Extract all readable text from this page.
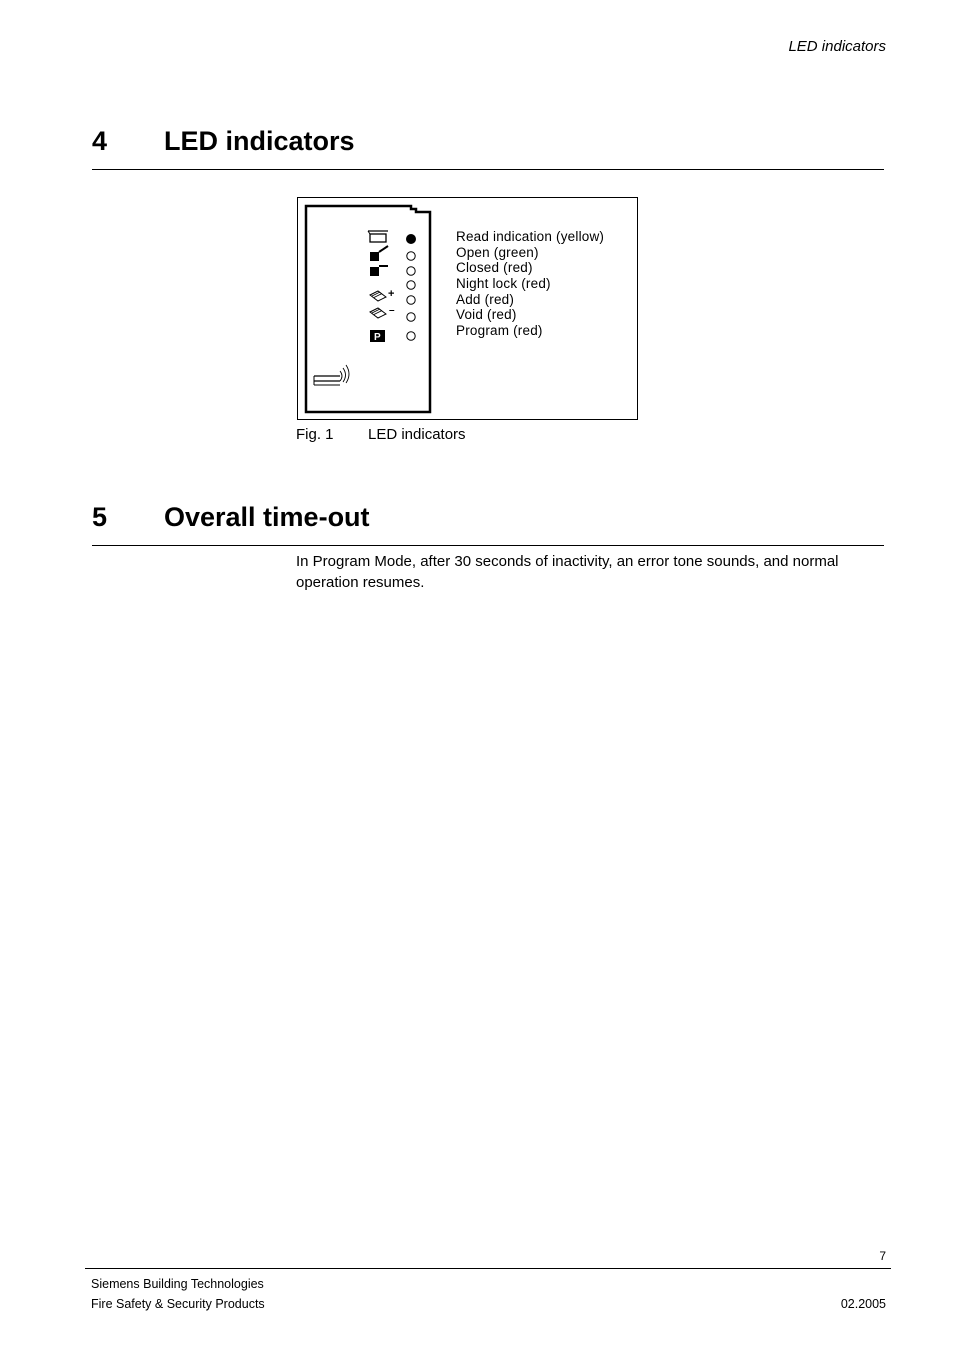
LED indicators
4 LED indicators
+
–
P
Read indication (yellow)
Open (green)
Closed (red)
Night lock (red)
Add (red)
Void (red)
Program (red)
Fig. 1 LED indicators
5 Overall time-out

In Program Mode, after 30 seconds of inactivity, an error tone sounds, and normal operation resumes.

7
Siemens Building Technologies
Fire Safety & Security Products	02.2005
